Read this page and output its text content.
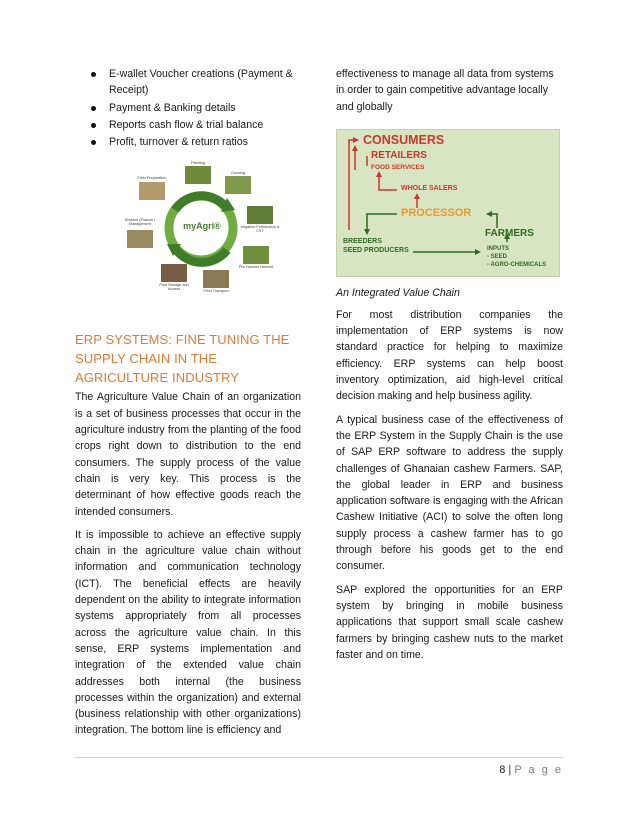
E-wallet Voucher creations (Payment & Receipt)
Payment & Banking details
Reports cash flow & trial balance
Profit, turnover & return ratios
myAgri®
Planting
Growing
Irrigation Fertilization & CST
Pre Harvest Harvest
Field Transport
Post Storage and Access
Brokers (Planner) Management
Field Preparation
ERP SYSTEMS: FINE TUNING THE SUPPLY CHAIN IN THE AGRICULTURE INDUSTRY

The Agriculture Value Chain of an organization is a set of business processes that occur in the agriculture industry from the planting of the food crops right down to distribution to the end consumers. The supply process of the value chain is very key. This process is the determinant of how effective goods reach the intended consumers.

It is impossible to achieve an effective supply chain in the agriculture value chain without information and communication technology (ICT). The beneficial effects are heavily dependent on the ability to integrate information systems appropriately from all processes across the agriculture value chain. In this sense, ERP systems implementation and integration of the extended value chain addresses both internal (the business processes within the organization) and external (business relationship with other organizations) integration. The bottom line is efficiency and

effectiveness to manage all data from systems in order to gain competitive advantage locally and globally

CONSUMERS
RETAILERS
FOOD SERVICES
WHOLE SALERS
PROCESSOR
FARMERS
BREEDERS
SEED PRODUCERS	INPUTS
- SEED
- AGRO-CHEMICALS

An Integrated Value Chain

For most distribution companies the implementation of ERP systems is now standard practice for helping to maximize efficiency. ERP systems can help boost inventory optimization, aid high-level critical decision making and help business agility.

A typical business case of the effectiveness of the ERP System in the Supply Chain is the use of SAP ERP software to address the supply challenges of Ghanaian cashew Farmers. SAP, the global leader in ERP and business application software is engaging with the African Cashew Initiative (ACI) to solve the often long supply process a cashew farmer has to go through before his goods get to the end consumer.

SAP explored the opportunities for an ERP system by bringing in mobile business applications that support small scale cashew farmers by bringing cashew nuts to the market faster and on time.

8 | P a g e
